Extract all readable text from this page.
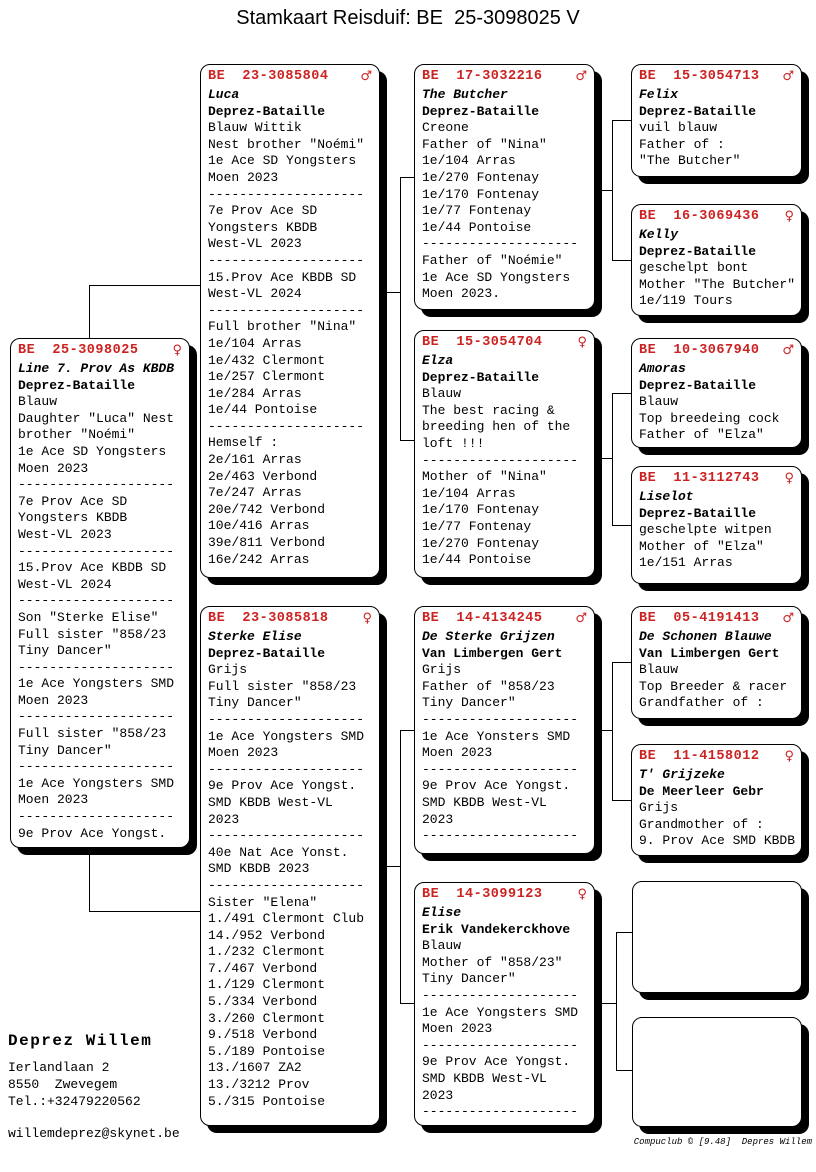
Stamkaart Reisduif: BE  25-3098025 V
BE  25-3098025	♀
Line 7. Prov As KBDB
Deprez-Bataille
Blauw
Daughter "Luca" Nest
brother "Noémi"
1e Ace SD Yongsters
Moen 2023
--------------------
7e Prov Ace SD
Yongsters KBDB
West-VL 2023
--------------------
15.Prov Ace KBDB SD
West-VL 2024
--------------------
Son "Sterke Elise"
Full sister "858/23
Tiny Dancer"
--------------------
1e Ace Yongsters SMD
Moen 2023
--------------------
Full sister "858/23
Tiny Dancer"
--------------------
1e Ace Yongsters SMD
Moen 2023
--------------------
9e Prov Ace Yongst.
BE  23-3085804 ♂
Luca
Deprez-Bataille
Blauw Wittik
Nest brother "Noémi"
1e Ace SD Yongsters
Moen 2023
--------------------
7e Prov Ace SD
Yongsters KBDB
West-VL 2023
--------------------
15.Prov Ace KBDB SD
West-VL 2024
--------------------
Full brother "Nina"
1e/104 Arras
1e/432 Clermont
1e/257 Clermont
1e/284 Arras
1e/44 Pontoise
--------------------
Hemself :
2e/161 Arras
2e/463 Verbond
7e/247 Arras
20e/742 Verbond
10e/416 Arras
39e/811 Verbond
16e/242 Arras
BE  23-3085818	♀
Sterke Elise
Deprez-Bataille
Grijs
Full sister "858/23
Tiny Dancer"
--------------------
1e Ace Yongsters SMD
Moen 2023
--------------------
9e Prov Ace Yongst.
SMD KBDB West-VL
2023
--------------------
40e Nat Ace Yonst.
SMD KBDB 2023
--------------------
Sister "Elena"
1./491 Clermont Club
14./952 Verbond
1./232 Clermont
7./467 Verbond
1./129 Clermont
5./334 Verbond
3./260 Clermont
9./518 Verbond
5./189 Pontoise
13./1607 ZA2
13./3212 Prov
5./315 Pontoise
BE  17-3032216	♂
The Butcher
Deprez-Bataille
Creone
Father of "Nina"
1e/104 Arras
1e/270 Fontenay
1e/170 Fontenay
1e/77 Fontenay
1e/44 Pontoise
--------------------
Father of "Noémie"
1e Ace SD Yongsters
Moen 2023.
BE  15-3054704	♀
Elza
Deprez-Bataille
Blauw
The best racing &
breeding hen of the
loft !!!
--------------------
Mother of "Nina"
1e/104 Arras
1e/170 Fontenay
1e/77 Fontenay
1e/270 Fontenay
1e/44 Pontoise
BE  14-4134245	♂
De Sterke Grijzen
Van Limbergen Gert
Grijs
Father of "858/23
Tiny Dancer"
--------------------
1e Ace Yonsters SMD
Moen 2023
--------------------
9e Prov Ace Yongst.
SMD KBDB West-VL
2023
--------------------
BE  14-3099123	♀
Elise
Erik Vandekerckhove
Blauw
Mother of "858/23"
Tiny Dancer"
--------------------
1e Ace Yongsters SMD
Moen 2023
--------------------
9e Prov Ace Yongst.
SMD KBDB West-VL
2023
--------------------
BE  15-3054713 ♂
Felix
Deprez-Bataille
vuil blauw
Father of :
"The Butcher"
BE  16-3069436 ♀
Kelly
Deprez-Bataille
geschelpt bont
Mother "The Butcher"
1e/119 Tours
BE  10-3067940 ♂
Amoras
Deprez-Bataille
Blauw
Top breedeing cock
Father of "Elza"
BE  11-3112743 ♀
Liselot
Deprez-Bataille
geschelpte witpen
Mother of "Elza"
1e/151 Arras
BE  05-4191413 ♂
De Schonen Blauwe
Van Limbergen Gert
Blauw
Top Breeder & racer
Grandfather of :
BE  11-4158012 ♀
T' Grijzeke
De Meerleer Gebr
Grijs
Grandmother of :
9. Prov Ace SMD KBDB
Deprez Willem
Ierlandlaan 2
8550  Zwevegem
Tel.:+32479220562
willemdeprez@skynet.be
Compuclub © [9.48]  Depres Willem
